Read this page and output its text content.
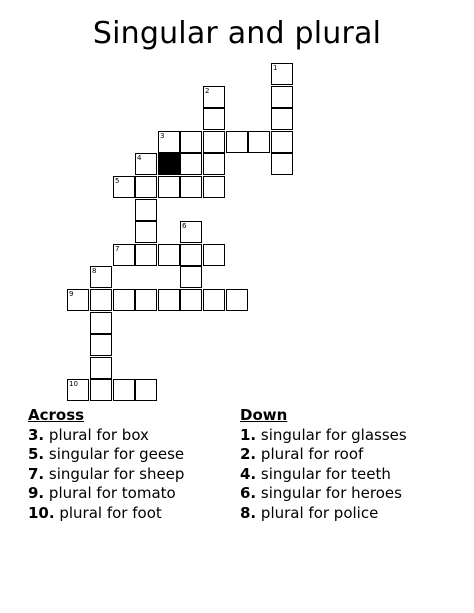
Singular and plural
1
2
3
4
5
6
7
8
9
10
Across
3. plural for box
5. singular for geese
7. singular for sheep
9. plural for tomato
10. plural for foot
Down
1. singular for glasses
2. plural for roof
4. singular for teeth
6. singular for heroes
8. plural for police
